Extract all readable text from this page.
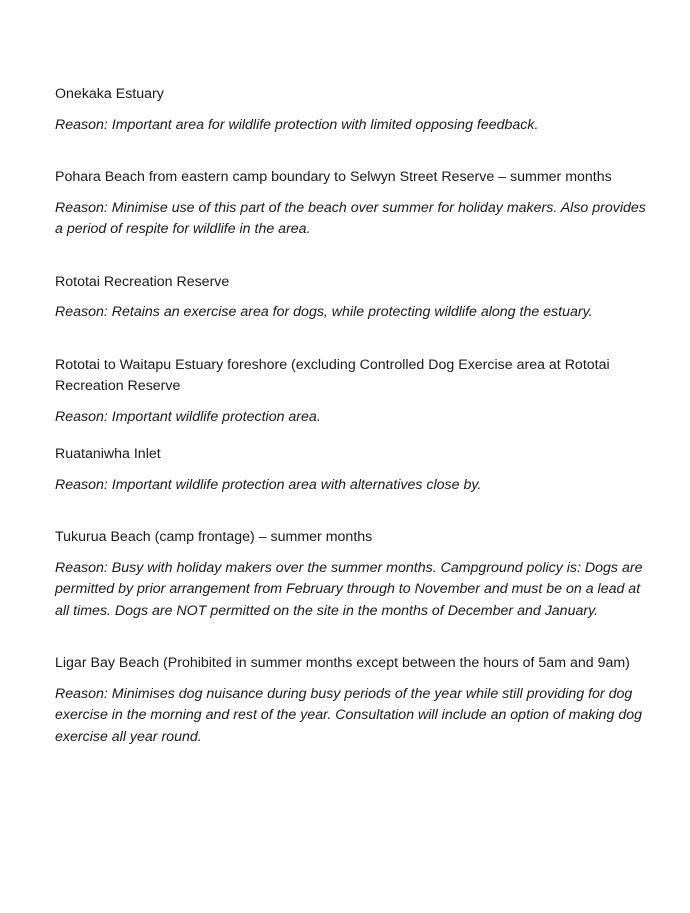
Onekaka Estuary

Reason: Important area for wildlife protection with limited opposing feedback.

Pohara Beach from eastern camp boundary to Selwyn Street Reserve – summer months

Reason: Minimise use of this part of the beach over summer for holiday makers. Also provides a period of respite for wildlife in the area.

Rototai Recreation Reserve

Reason: Retains an exercise area for dogs, while protecting wildlife along the estuary.

Rototai to Waitapu Estuary foreshore (excluding Controlled Dog Exercise area at Rototai Recreation Reserve

Reason: Important wildlife protection area.

Ruataniwha Inlet

Reason: Important wildlife protection area with alternatives close by.

Tukurua Beach (camp frontage) – summer months

Reason: Busy with holiday makers over the summer months. Campground policy is: Dogs are permitted by prior arrangement from February through to November and must be on a lead at all times. Dogs are NOT permitted on the site in the months of December and January.

Ligar Bay Beach (Prohibited in summer months except between the hours of 5am and 9am)

Reason: Minimises dog nuisance during busy periods of the year while still providing for dog exercise in the morning and rest of the year. Consultation will include an option of making dog exercise all year round.
